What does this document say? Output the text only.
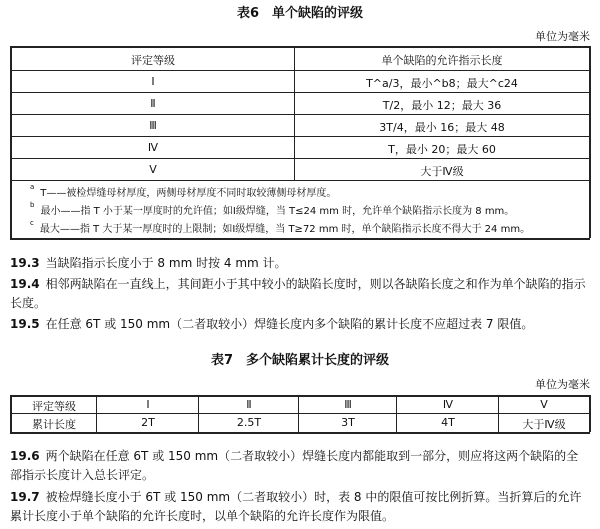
表6　单个缺陷的评级
单位为毫米
评定等级	单个缺陷的允许指示长度
Ⅰ	T^a/3，最小^b8；最大^c24
Ⅱ	T/2，最小 12；最大 36
Ⅲ	3T/4，最小 16；最大 48
Ⅳ	T，最小 20；最大 60
Ⅴ	大于Ⅳ级
$^a$T——被检焊缝母材厚度，两侧母材厚度不同时取较薄侧母材厚度。
$^b$最小——指 T 小于某一厚度时的允许值；如Ⅰ级焊缝，当 T≤24 mm 时，允许单个缺陷指示长度为 8 mm。
$^c$最大——指 T 大于某一厚度时的上限制；如Ⅰ级焊缝，当 T≥72 mm 时，单个缺陷指示长度不得大于 24 mm。
19.3 当缺陷指示长度小于 8 mm 时按 4 mm 计。
19.4 相邻两缺陷在一直线上，其间距小于其中较小的缺陷长度时，则以各缺陷长度之和作为单个缺陷的指示长度。
19.5 在任意 6T 或 150 mm（二者取较小）焊缝长度内多个缺陷的累计长度不应超过表 7 限值。
表7　多个缺陷累计长度的评级
单位为毫米
评定等级	Ⅰ	Ⅱ	Ⅲ	Ⅳ	Ⅴ
累计长度	2T	2.5T	3T	4T	大于Ⅳ级
19.6 两个缺陷在任意 6T 或 150 mm（二者取较小）焊缝长度内都能取到一部分，则应将这两个缺陷的全部指示长度计入总长评定。
19.7 被检焊缝长度小于 6T 或 150 mm（二者取较小）时，表 8 中的限值可按比例折算。当折算后的允许累计长度小于单个缺陷的允许长度时，以单个缺陷的允许长度作为限值。
